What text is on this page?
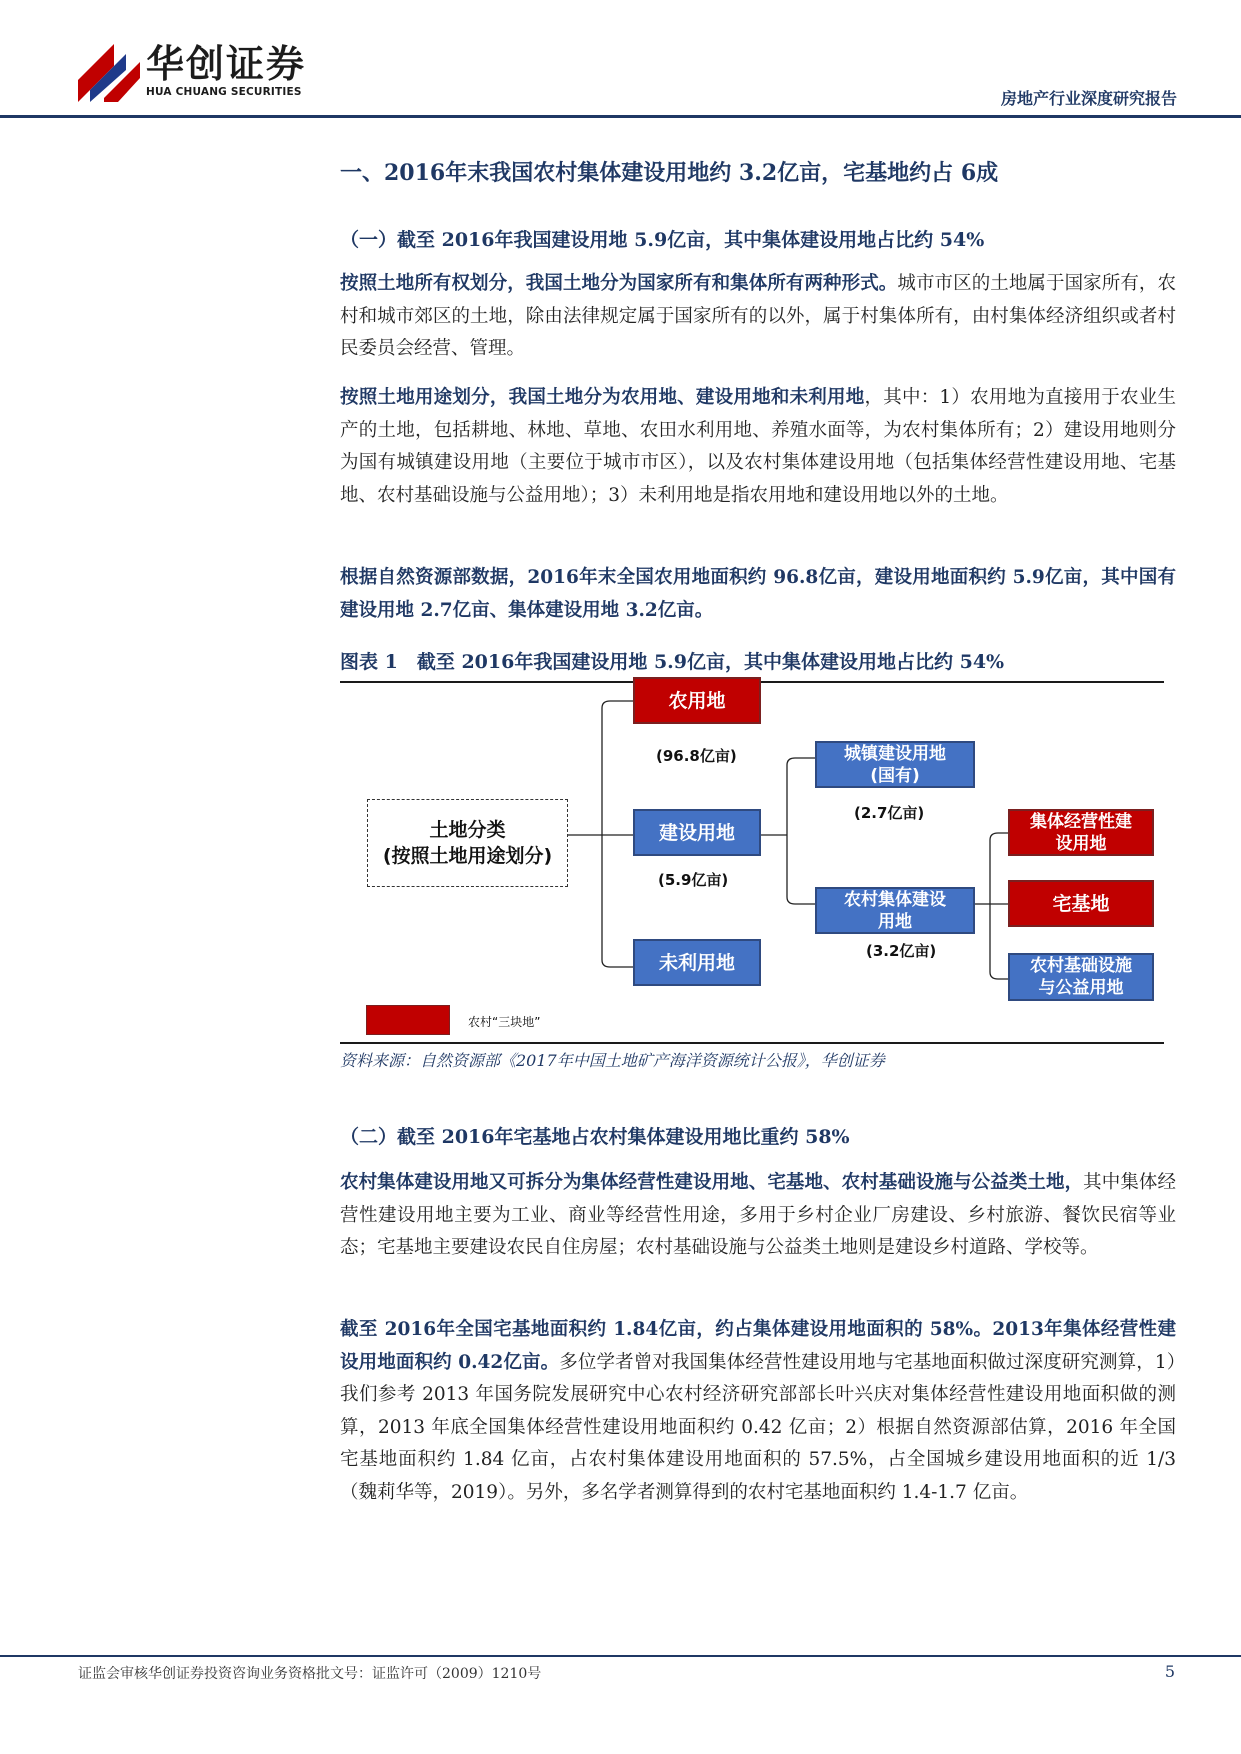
华创证券
HUA CHUANG SECURITIES	房地产行业深度研究报告
一、2016年末我国农村集体建设用地约 3.2亿亩，宅基地约占 6成
（一）截至 2016年我国建设用地 5.9亿亩，其中集体建设用地占比约 54%
按照土地所有权划分，我国土地分为国家所有和集体所有两种形式。城市市区的土地属于国家所有，农村和城市郊区的土地，除由法律规定属于国家所有的以外，属于村集体所有，由村集体经济组织或者村民委员会经营、管理。
按照土地用途划分，我国土地分为农用地、建设用地和未利用地，其中：1）农用地为直接用于农业生产的土地，包括耕地、林地、草地、农田水利用地、养殖水面等，为农村集体所有；2）建设用地则分为国有城镇建设用地（主要位于城市市区），以及农村集体建设用地（包括集体经营性建设用地、宅基地、农村基础设施与公益用地）；3）未利用地是指农用地和建设用地以外的土地。
根据自然资源部数据，2016年末全国农用地面积约 96.8亿亩，建设用地面积约 5.9亿亩，其中国有建设用地 2.7亿亩、集体建设用地 3.2亿亩。
图表 1　截至 2016年我国建设用地 5.9亿亩，其中集体建设用地占比约 54%
土地分类
(按照土地用途划分)
农用地
(96.8亿亩)
建设用地
(5.9亿亩)
未利用地
城镇建设用地
(国有)
(2.7亿亩)
农村集体建设
用地
(3.2亿亩)
集体经营性建
设用地
宅基地
农村基础设施
与公益用地
农村“三块地”
资料来源：自然资源部《2017年中国土地矿产海洋资源统计公报》，华创证券
（二）截至 2016年宅基地占农村集体建设用地比重约 58%
农村集体建设用地又可拆分为集体经营性建设用地、宅基地、农村基础设施与公益类土地，其中集体经营性建设用地主要为工业、商业等经营性用途，多用于乡村企业厂房建设、乡村旅游、餐饮民宿等业态；宅基地主要建设农民自住房屋；农村基础设施与公益类土地则是建设乡村道路、学校等。
截至 2016年全国宅基地面积约 1.84亿亩，约占集体建设用地面积的 58%。2013年集体经营性建设用地面积约 0.42亿亩。多位学者曾对我国集体经营性建设用地与宅基地面积做过深度研究测算，1）我们参考 2013 年国务院发展研究中心农村经济研究部部长叶兴庆对集体经营性建设用地面积做的测算，2013 年底全国集体经营性建设用地面积约 0.42 亿亩；2）根据自然资源部估算，2016 年全国宅基地面积约 1.84 亿亩，占农村集体建设用地面积的 57.5%，占全国城乡建设用地面积的近 1/3（魏莉华等，2019）。另外，多名学者测算得到的农村宅基地面积约 1.4-1.7 亿亩。
证监会审核华创证券投资咨询业务资格批文号：证监许可（2009）1210号	5
